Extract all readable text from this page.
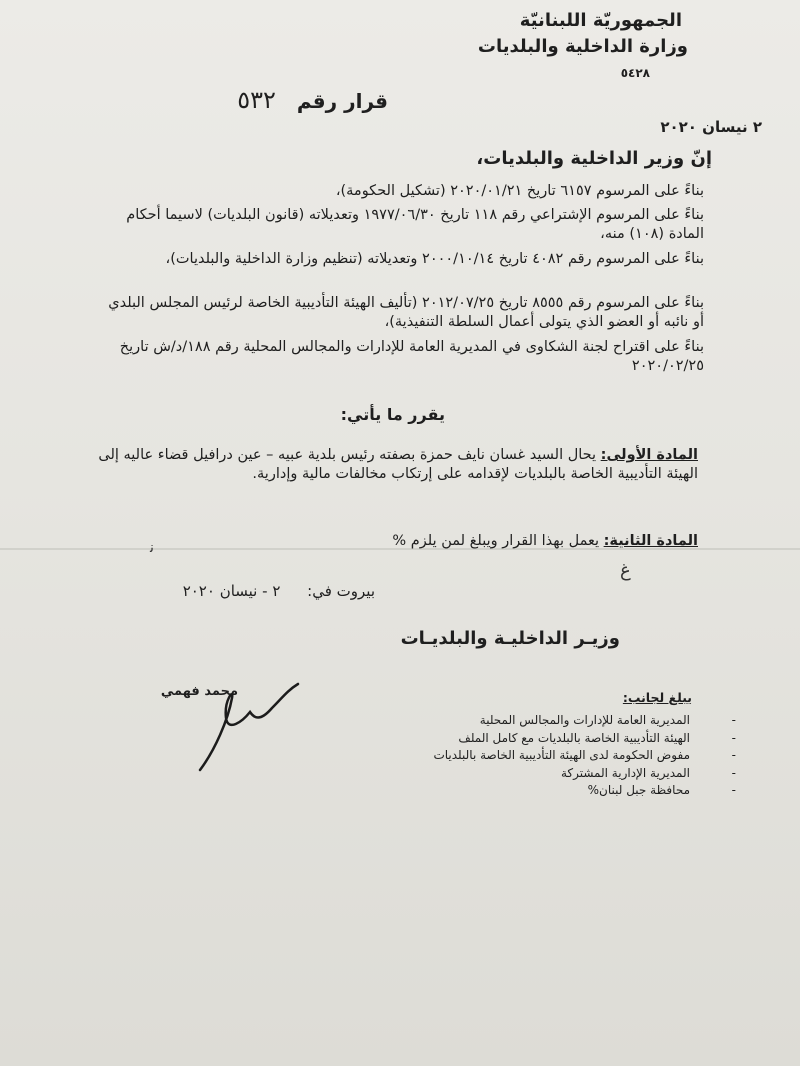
الجمهوريّة اللبنانيّة
وزارة الداخلية والبلديات
٥٤٢٨
قرار رقم ٥٣٢
٢ نيسان ٢٠٢٠
إنّ وزير الداخلية والبلديات،
بناءً على المرسوم ٦١٥٧ تاريخ ٢٠٢٠/٠١/٢١ (تشكيل الحكومة)،
بناءً على المرسوم الإشتراعي رقم ١١٨ تاريخ ١٩٧٧/٠٦/٣٠ وتعديلاته (قانون البلديات) لاسيما أحكام المادة (١٠٨) منه،
بناءً على المرسوم رقم ٤٠٨٢ تاريخ ٢٠٠٠/١٠/١٤ وتعديلاته (تنظيم وزارة الداخلية والبلديات)،
بناءً على المرسوم رقم ٨٥٥٥ تاريخ ٢٠١٢/٠٧/٢٥ (تأليف الهيئة التأديبية الخاصة لرئيس المجلس البلدي أو نائبه أو العضو الذي يتولى أعمال السلطة التنفيذية)،
بناءً على اقتراح لجنة الشكاوى في المديرية العامة للإدارات والمجالس المحلية رقم ١٨٨/د/ش تاريخ ٢٠٢٠/٠٢/٢٥
يقرر ما يأتي:
المادة الأولى: يحال السيد غسان نايف حمزة بصفته رئيس بلدية عبيه – عين درافيل قضاء عاليه إلى الهيئة التأديبية الخاصة بالبلديات لإقدامه على إرتكاب مخالفات مالية وإدارية.
المادة الثانية: يعمل بهذا القرار ويبلغ لمن يلزم %
ﻧ
غ
بيروت في: ٢ - نيسان ٢٠٢٠
وزيـر الداخليـة والبلديـات
محمد فهمي	يبلغ لجانب:
المديرية العامة للإدارات والمجالس المحلية -
الهيئة التأديبية الخاصة بالبلديات مع كامل الملف -
مفوض الحكومة لدى الهيئة التأديبية الخاصة بالبلديات -
المديرية الإدارية المشتركة -
محافظة جبل لبنان% -
